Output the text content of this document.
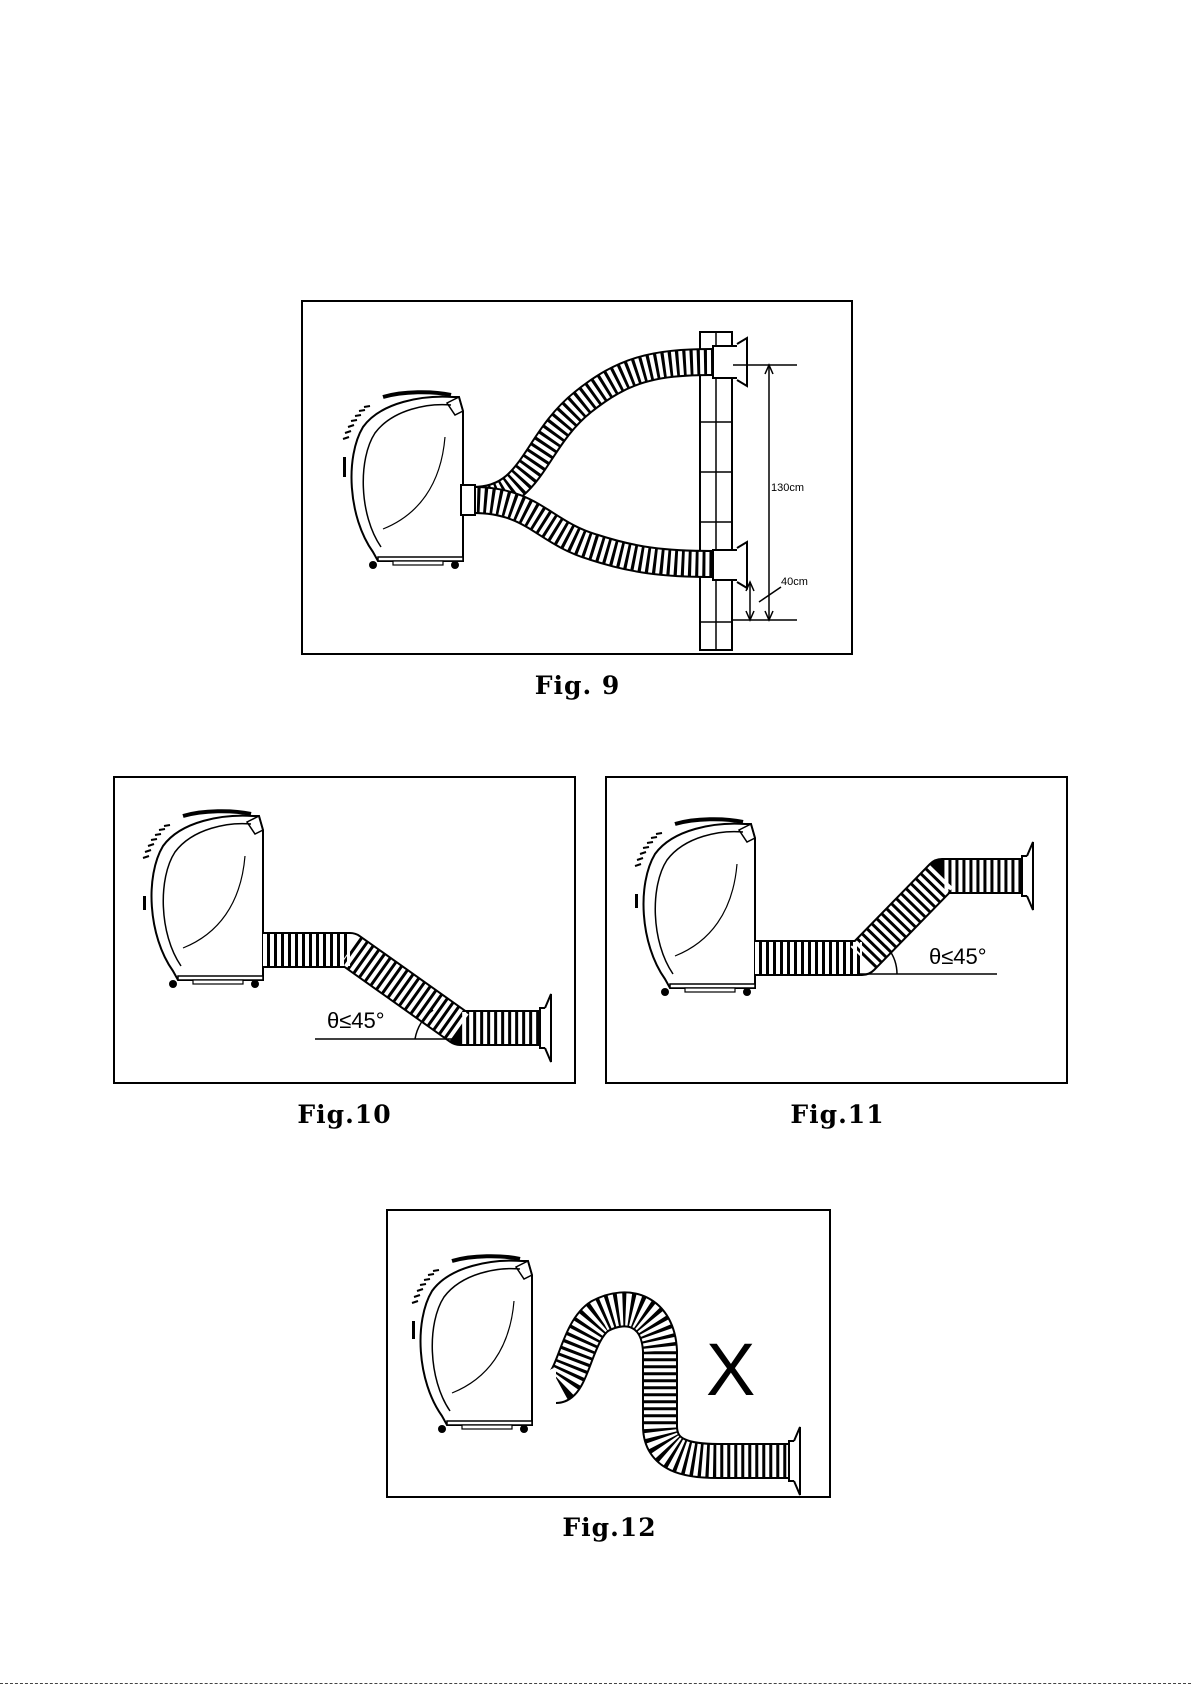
130cm
40cm
Fig. 9
θ≤45°
Fig.10
θ≤45°
Fig.11
X
Fig.12
